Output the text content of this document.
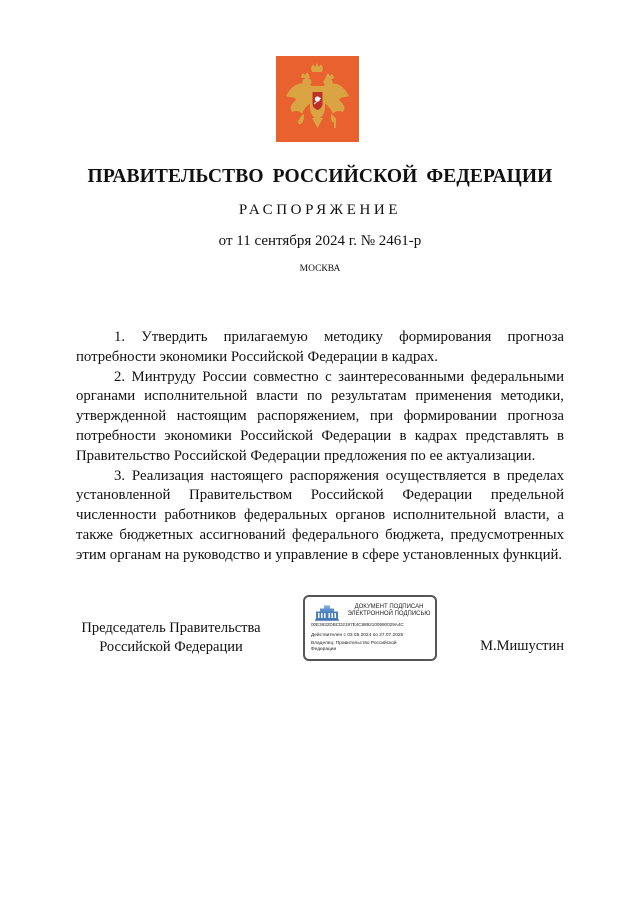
ПРАВИТЕЛЬСТВО РОССИЙСКОЙ ФЕДЕРАЦИИ
РАСПОРЯЖЕНИЕ
от 11 сентября 2024 г. № 2461-р
МОСКВА

1. Утвердить прилагаемую методику формирования прогноза потребности экономики Российской Федерации в кадрах.

2. Минтруду России совместно с заинтересованными федеральными органами исполнительной власти по результатам применения методики, утвержденной настоящим распоряжением, при формировании прогноза потребности экономики Российской Федерации в кадрах представлять в Правительство Российской Федерации предложения по ее актуализации.

3. Реализация настоящего распоряжения осуществляется в пределах установленной Правительством Российской Федерации предельной численности работников федеральных органов исполнительной власти, а также бюджетных ассигнований федерального бюджета, предусмотренных этим органам на руководство и управление в сфере установленных функций.

Председатель Правительства
Российской Федерации
ДОКУМЕНТ ПОДПИСАН
ЭЛЕКТРОННОЙ ПОДПИСЬЮ
00E3632DBCD2197E4C8892100690029A4C
Действителен с 03.05.2024 по 27.07.2025
Владелец: Правительство Российской Федерации	М.Мишустин
